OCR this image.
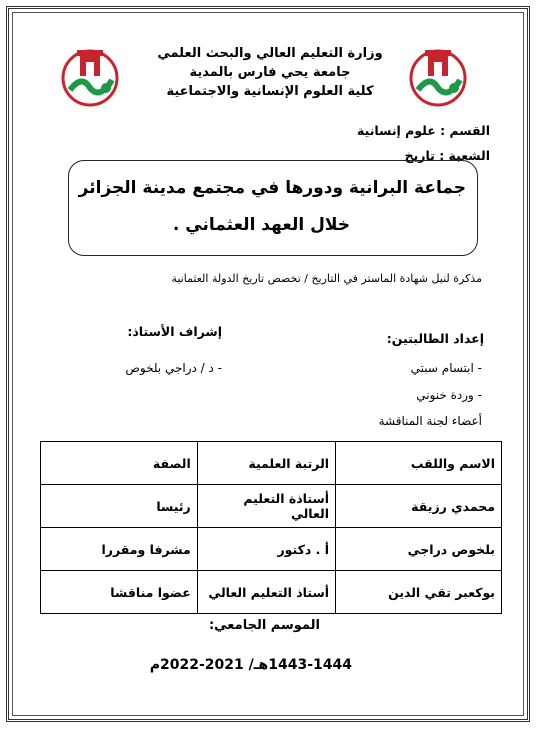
وزارة التعليم العالي والبحث العلمي
جامعة يحي فارس بالمدية
كلية العلوم الإنسانية والاجتماعية
القسم : علوم إنسانية
الشعبة : تاريخ
جماعة البرانية ودورها في مجتمع مدينة الجزائر
خلال العهد العثماني .
مذكرة لنيل شهادة الماستر في التاريخ / تخصص تاريخ الدولة العثمانية
إعداد الطالبتين:
إشراف الأستاذ:
- د / دراجي بلخوص	- ابتسام سبتي
- وردة خنوني
أعضاء لجنة المناقشة
الاسم واللقب	الرتبة العلمية	الصفة
محمدي رزيقة	أستاذة التعليم العالي	رئيسا
بلخوص دراجي	أ . دكتور	مشرفا ومقررا
بوكعبر تقي الدين	أستاذ التعليم العالي	عضوا مناقشا
الموسم الجامعي:
1443-1444هـ/ 2021-2022م
